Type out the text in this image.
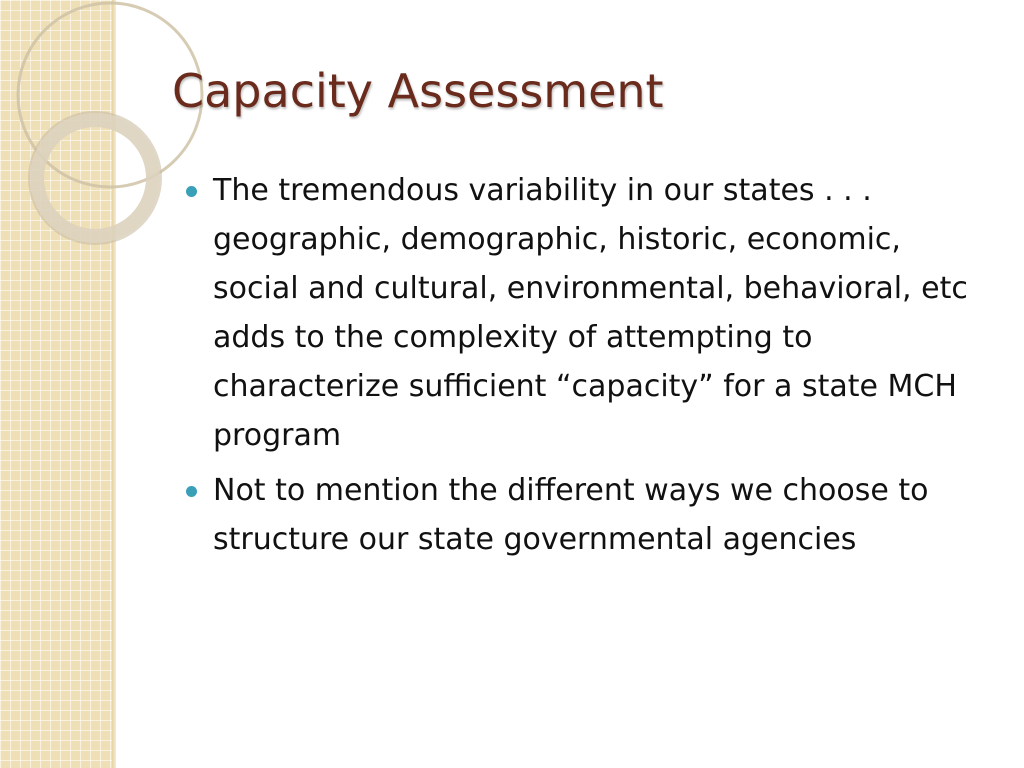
Capacity Assessment
The tremendous variability in our states . . . geographic, demographic, historic, economic, social and cultural, environmental, behavioral, etc adds to the complexity of attempting to characterize sufficient “capacity” for a state MCH program
Not to mention the different ways we choose to structure our state governmental agencies
